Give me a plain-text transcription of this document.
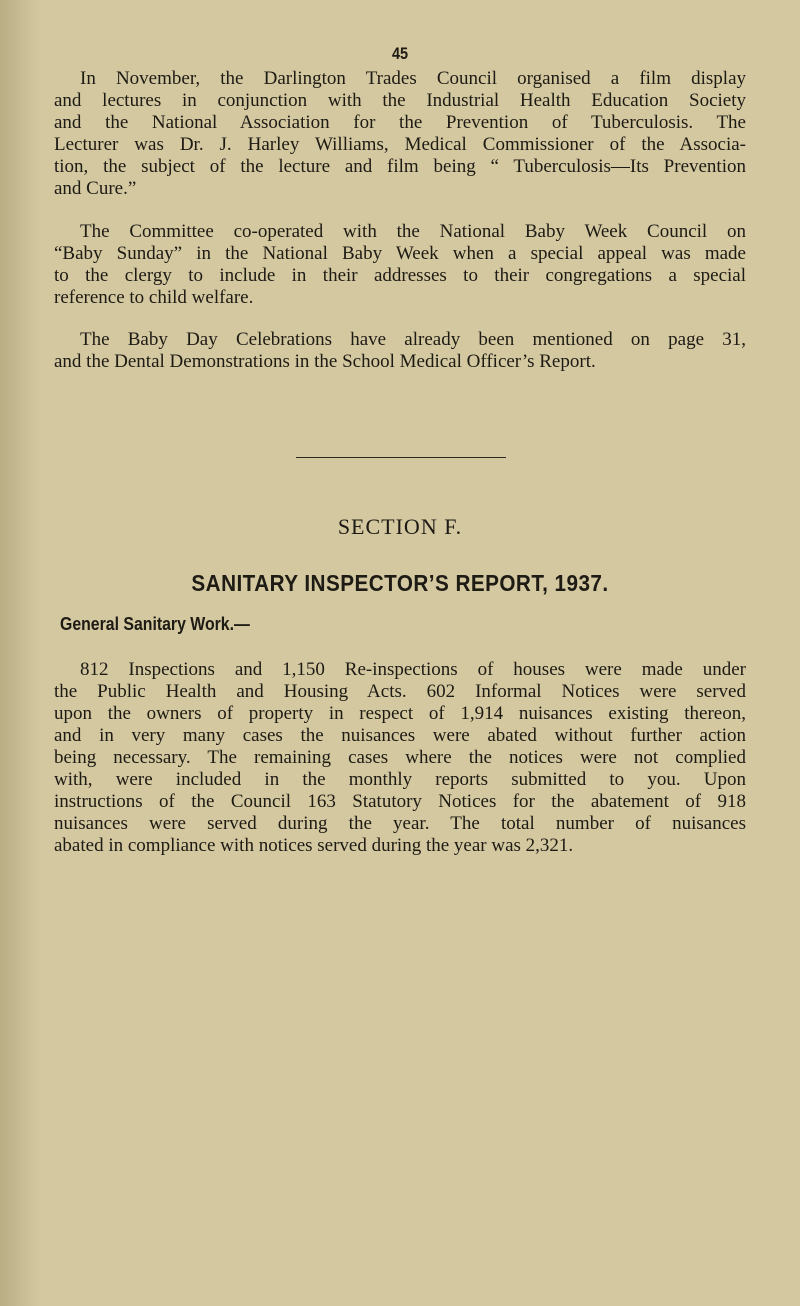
45
In November, the Darlington Trades Council organised a film display
and lectures in conjunction with the Industrial Health Education Society
and the National Association for the Prevention of Tuberculosis. The
Lecturer was Dr. J. Harley Williams, Medical Commissioner of the Associa-
tion, the subject of the lecture and film being “ Tuberculosis—Its Prevention
and Cure.”
The Committee co-operated with the National Baby Week Council on
“Baby Sunday” in the National Baby Week when a special appeal was made
to the clergy to include in their addresses to their congregations a special
reference to child welfare.
The Baby Day Celebrations have already been mentioned on page 31,
and the Dental Demonstrations in the School Medical Officer’s Report.
SECTION F.
SANITARY INSPECTOR’S REPORT, 1937.
General Sanitary Work.—
812 Inspections and 1,150 Re-inspections of houses were made under
the Public Health and Housing Acts. 602 Informal Notices were served
upon the owners of property in respect of 1,914 nuisances existing thereon,
and in very many cases the nuisances were abated without further action
being necessary. The remaining cases where the notices were not complied
with, were included in the monthly reports submitted to you. Upon
instructions of the Council 163 Statutory Notices for the abatement of 918
nuisances were served during the year. The total number of nuisances
abated in compliance with notices served during the year was 2,321.
